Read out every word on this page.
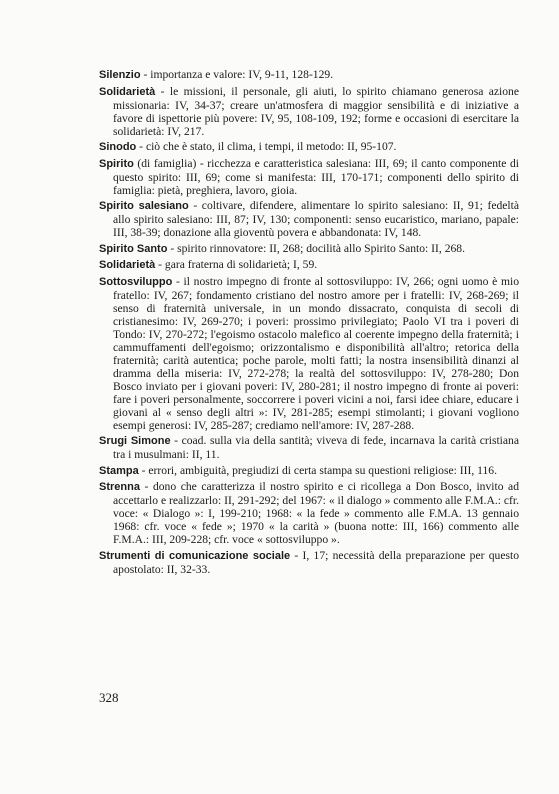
Silenzio - importanza e valore: IV, 9-11, 128-129.

Solidarietà - le missioni, il personale, gli aiuti, lo spirito chiamano generosa azione missionaria: IV, 34-37; creare un'atmosfera di maggior sensibilità e di iniziative a favore di ispettorie più povere: IV, 95, 108-109, 192; forme e occasioni di esercitare la solidarietà: IV, 217.

Sinodo - ciò che è stato, il clima, i tempi, il metodo: II, 95-107.

Spirito (di famiglia) - ricchezza e caratteristica salesiana: III, 69; il canto componente di questo spirito: III, 69; come si manifesta: III, 170-171; componenti dello spirito di famiglia: pietà, preghiera, lavoro, gioia.

Spirito salesiano - coltivare, difendere, alimentare lo spirito salesiano: II, 91; fedeltà allo spirito salesiano: III, 87; IV, 130; componenti: senso eucaristico, mariano, papale: III, 38-39; donazione alla gioventù povera e abbandonata: IV, 148.

Spirito Santo - spirito rinnovatore: II, 268; docilità allo Spirito Santo: II, 268.

Solidarietà - gara fraterna di solidarietà; I, 59.

Sottosviluppo - il nostro impegno di fronte al sottosviluppo: IV, 266; ogni uomo è mio fratello: IV, 267; fondamento cristiano del nostro amore per i fratelli: IV, 268-269; il senso di fraternità universale, in un mondo dissacrato, conquista di secoli di cristianesimo: IV, 269-270; i poveri: prossimo privilegiato; Paolo VI tra i poveri di Tondo: IV, 270-272; l'egoismo ostacolo malefico al coerente impegno della fraternità; i cammuffamenti dell'egoismo; orizzontalismo e disponibilità all'altro; retorica della fraternità; carità autentica; poche parole, molti fatti; la nostra insensibilità dinanzi al dramma della miseria: IV, 272-278; la realtà del sottosviluppo: IV, 278-280; Don Bosco inviato per i giovani poveri: IV, 280-281; il nostro impegno di fronte ai poveri: fare i poveri personalmente, soccorrere i poveri vicini a noi, farsi idee chiare, educare i giovani al « senso degli altri »: IV, 281-285; esempi stimolanti; i giovani vogliono esempi generosi: IV, 285-287; crediamo nell'amore: IV, 287-288.

Srugi Simone - coad. sulla via della santità; viveva di fede, incarnava la carità cristiana tra i musulmani: II, 11.

Stampa - errori, ambiguità, pregiudizi di certa stampa su questioni religiose: III, 116.

Strenna - dono che caratterizza il nostro spirito e ci ricollega a Don Bosco, invito ad accettarlo e realizzarlo: II, 291-292; del 1967: « il dialogo » commento alle F.M.A.: cfr. voce: « Dialogo »: I, 199-210; 1968: « la fede » commento alle F.M.A. 13 gennaio 1968: cfr. voce « fede »; 1970 « la carità » (buona notte: III, 166) commento alle F.M.A.: III, 209-228; cfr. voce « sottosviluppo ».

Strumenti di comunicazione sociale - I, 17; necessità della preparazione per questo apostolato: II, 32-33.

328
